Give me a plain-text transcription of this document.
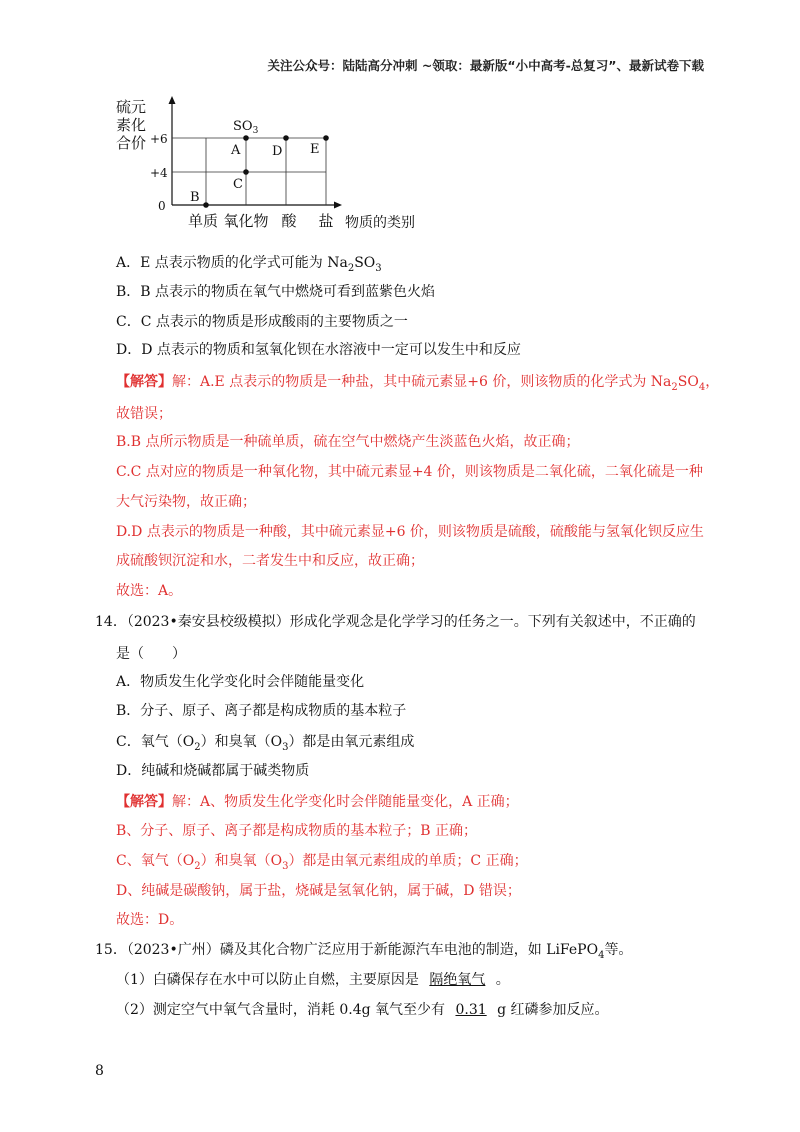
关注公众号：陆陆高分冲刺 ~领取：最新版“小中高考-总复习”、最新试卷下载
硫元
素化
合价 +6
+4
0
单质 氧化物 酸 盐 物质的类别
B
C
A
$SO_3$
D E
A．E 点表示物质的化学式可能为 $Na_2SO_3$
B．B 点表示的物质在氧气中燃烧可看到蓝紫色火焰
C．C 点表示的物质是形成酸雨的主要物质之一
D．D 点表示的物质和氢氧化钡在水溶液中一定可以发生中和反应
【解答】解：A.E 点表示的物质是一种盐，其中硫元素显+6 价，则该物质的化学式为 $Na_2SO_4$，
故错误；
B.B 点所示物质是一种硫单质，硫在空气中燃烧产生淡蓝色火焰，故正确；
C.C 点对应的物质是一种氧化物，其中硫元素显+4 价，则该物质是二氧化硫，二氧化硫是一种
大气污染物，故正确；
D.D 点表示的物质是一种酸，其中硫元素显+6 价，则该物质是硫酸，硫酸能与氢氧化钡反应生
成硫酸钡沉淀和水，二者发生中和反应，故正确；
故选：A。
14．（2023•秦安县校级模拟）形成化学观念是化学学习的任务之一。下列有关叙述中，不正确的
是（　　）
A．物质发生化学变化时会伴随能量变化
B．分子、原子、离子都是构成物质的基本粒子
C．氧气$(O_2)$和臭氧$(O_3)$都是由氧元素组成
D．纯碱和烧碱都属于碱类物质
【解答】解：A、物质发生化学变化时会伴随能量变化，A 正确；
B、分子、原子、离子都是构成物质的基本粒子；B 正确；
C、氧气$(O_2)$和臭氧$(O_3)$都是由氧元素组成的单质；C 正确；
D、纯碱是碳酸钠，属于盐，烧碱是氢氧化钠，属于碱，D 错误；
故选：D。
15．（2023•广州）磷及其化合物广泛应用于新能源汽车电池的制造，如 LiFePO$_4$等。
（1）白磷保存在水中可以防止自燃，主要原因是 隔绝氧气 。
（2）测定空气中氧气含量时，消耗 0.4g 氧气至少有 0.31 g 红磷参加反应。
8
